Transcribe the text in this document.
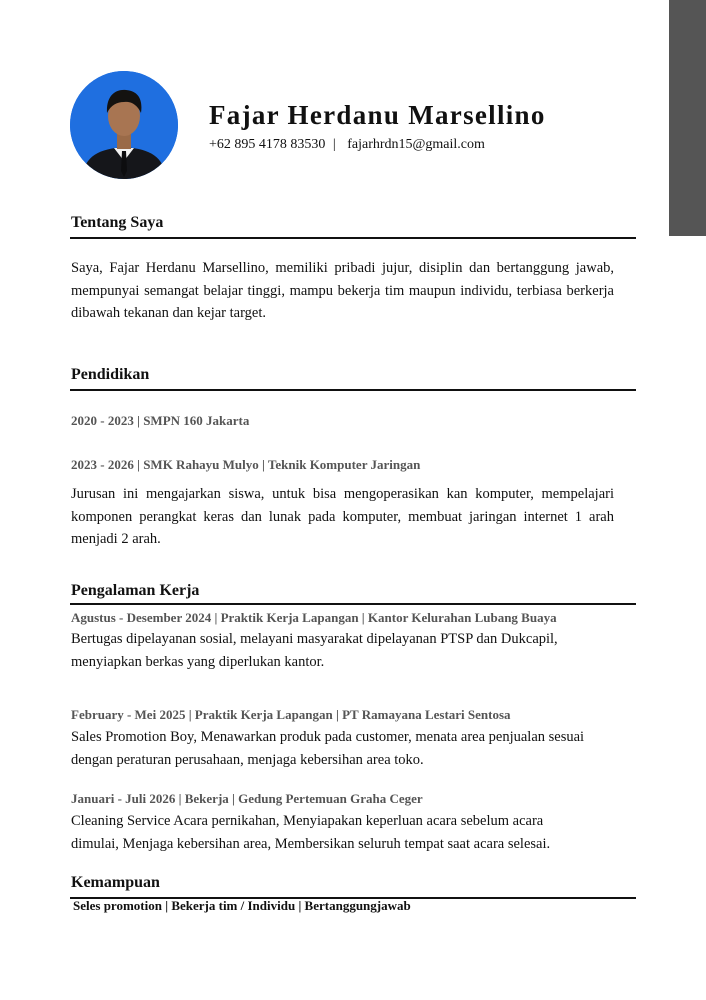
Fajar Herdanu Marsellino
+62 895 4178 83530 | fajarhrdn15@gmail.com
Tentang Saya

Saya, Fajar Herdanu Marsellino, memiliki pribadi jujur, disiplin dan bertanggung jawab, mempunyai semangat belajar tinggi, mampu bekerja tim maupun individu, terbiasa berkerja dibawah tekanan dan kejar target.

Pendidikan
2020 - 2023 | SMPN 160 Jakarta
2023 - 2026 | SMK Rahayu Mulyo | Teknik Komputer Jaringan

Jurusan ini mengajarkan siswa, untuk bisa mengoperasikan kan komputer, mempelajari komponen perangkat keras dan lunak pada komputer, membuat jaringan internet 1 arah menjadi 2 arah.

Pengalaman Kerja
Agustus - Desember 2024 | Praktik Kerja Lapangan | Kantor Kelurahan Lubang Buaya

Bertugas dipelayanan sosial, melayani masyarakat dipelayanan PTSP dan Dukcapil, menyiapkan berkas yang diperlukan kantor.

February - Mei 2025 | Praktik Kerja Lapangan | PT Ramayana Lestari Sentosa

Sales Promotion Boy, Menawarkan produk pada customer, menata area penjualan sesuai dengan peraturan perusahaan, menjaga kebersihan area toko.

Januari - Juli 2026 | Bekerja | Gedung Pertemuan Graha Ceger

Cleaning Service Acara pernikahan, Menyiapakan keperluan acara sebelum acara dimulai, Menjaga kebersihan area, Membersikan seluruh tempat saat acara selesai.

Kemampuan
Seles promotion | Bekerja tim / Individu | Bertanggungjawab
